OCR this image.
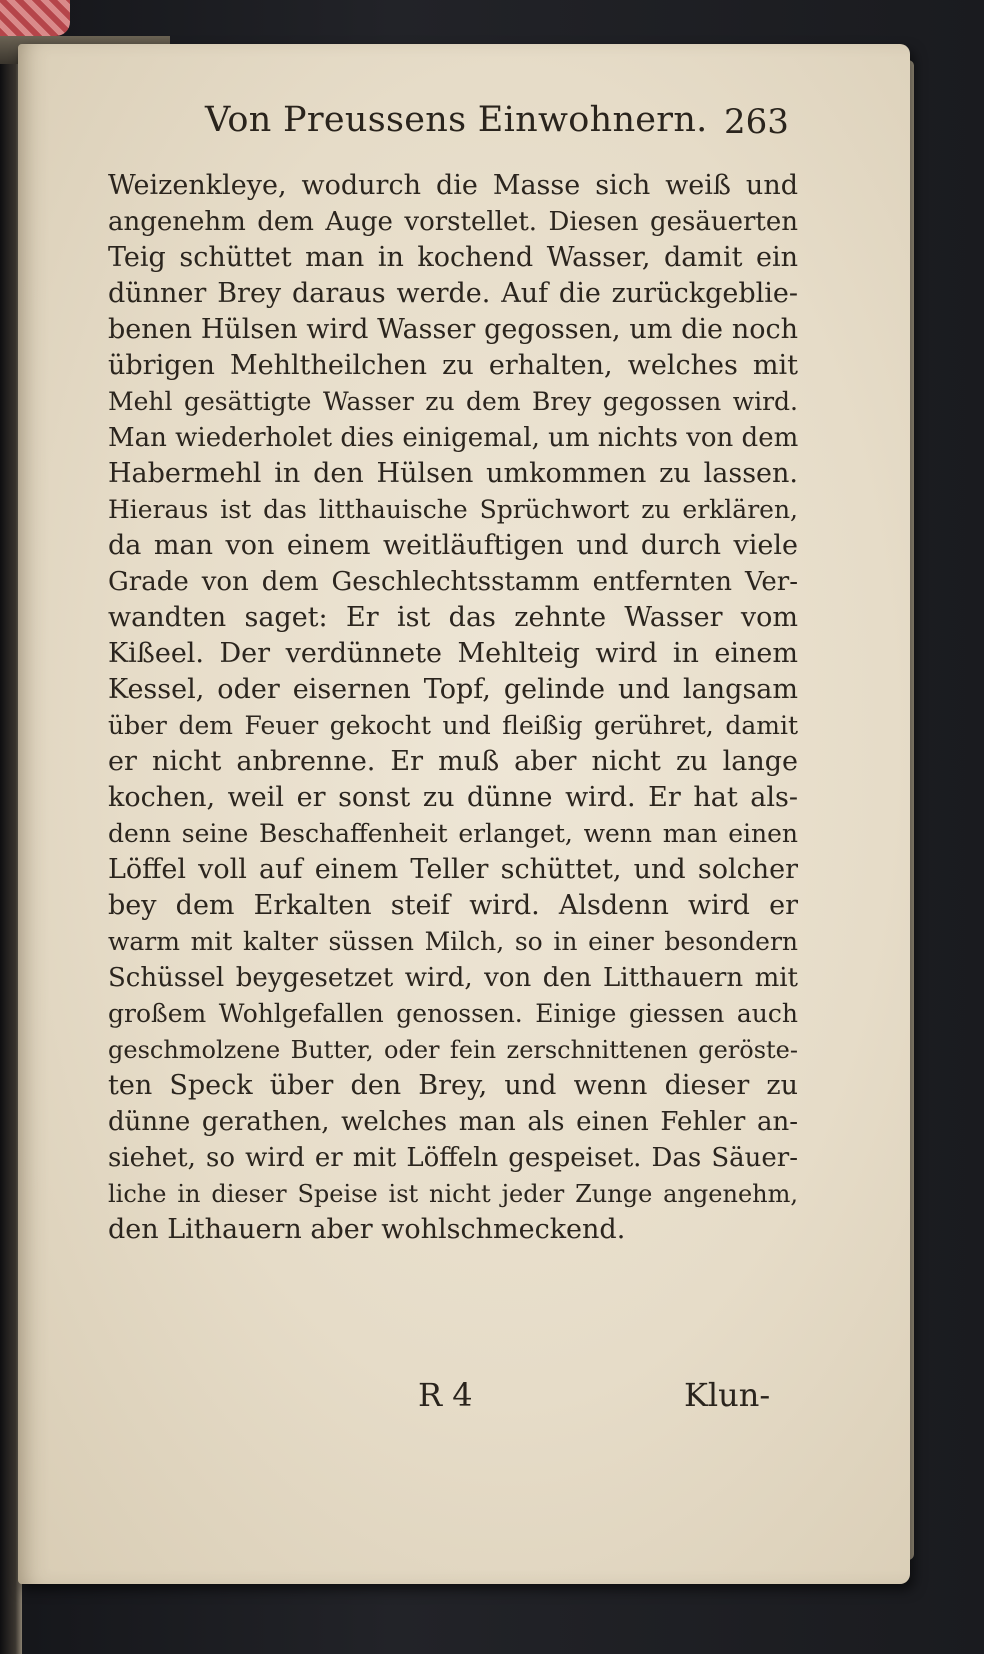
Von Preussens Einwohnern. 263
Weizenkleye, wodurch die Masse sich weiß und
angenehm dem Auge vorstellet. Diesen gesäuerten
Teig schüttet man in kochend Wasser, damit ein
dünner Brey daraus werde. Auf die zurückgeblie-
benen Hülsen wird Wasser gegossen, um die noch
übrigen Mehltheilchen zu erhalten, welches mit
Mehl gesättigte Wasser zu dem Brey gegossen wird.
Man wiederholet dies einigemal, um nichts von dem
Habermehl in den Hülsen umkommen zu lassen.
Hieraus ist das litthauische Sprüchwort zu erklären,
da man von einem weitläuftigen und durch viele
Grade von dem Geschlechtsstamm entfernten Ver-
wandten saget: Er ist das zehnte Wasser vom
Kißeel. Der verdünnete Mehlteig wird in einem
Kessel, oder eisernen Topf, gelinde und langsam
über dem Feuer gekocht und fleißig gerühret, damit
er nicht anbrenne. Er muß aber nicht zu lange
kochen, weil er sonst zu dünne wird. Er hat als-
denn seine Beschaffenheit erlanget, wenn man einen
Löffel voll auf einem Teller schüttet, und solcher
bey dem Erkalten steif wird. Alsdenn wird er
warm mit kalter süssen Milch, so in einer besondern
Schüssel beygesetzet wird, von den Litthauern mit
großem Wohlgefallen genossen. Einige giessen auch
geschmolzene Butter, oder fein zerschnittenen geröste-
ten Speck über den Brey, und wenn dieser zu
dünne gerathen, welches man als einen Fehler an-
siehet, so wird er mit Löffeln gespeiset. Das Säuer-
liche in dieser Speise ist nicht jeder Zunge angenehm,
den Lithauern aber wohlschmeckend.
R 4	Klun-
